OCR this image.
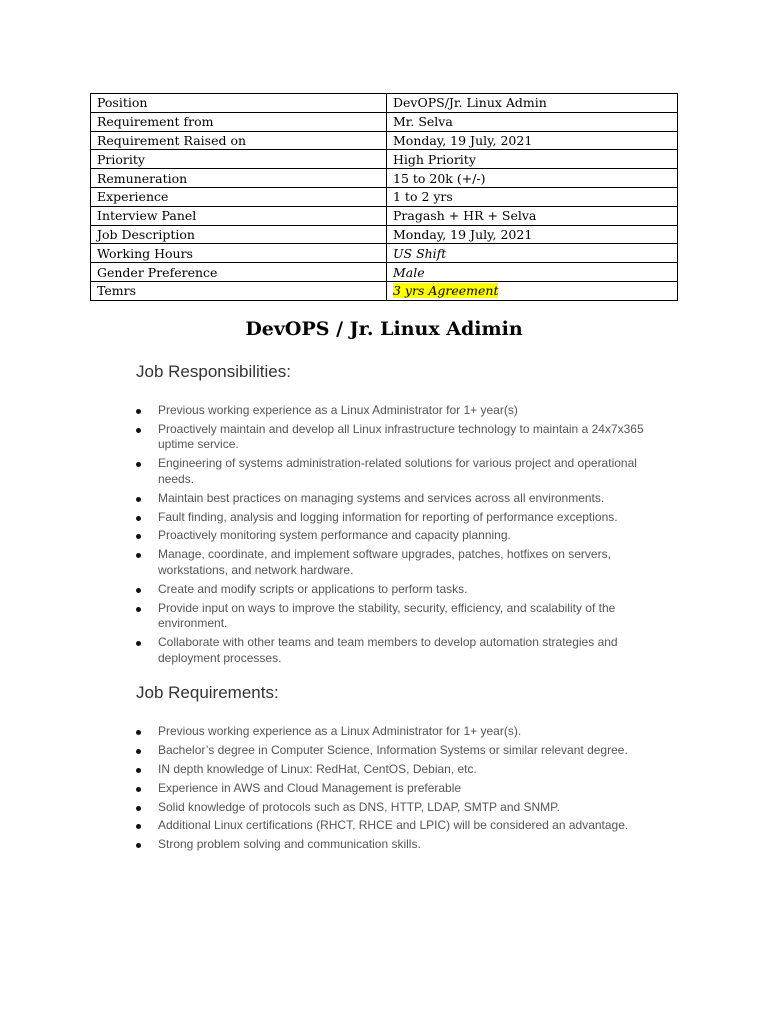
Position	DevOPS/Jr. Linux Admin
Requirement from	Mr. Selva
Requirement Raised on	Monday, 19 July, 2021
Priority	High Priority
Remuneration	15 to 20k (+/-)
Experience	1 to 2 yrs
Interview Panel	Pragash + HR + Selva
Job Description	Monday, 19 July, 2021
Working Hours	US Shift
Gender Preference	Male
Temrs	3 yrs Agreement
DevOPS / Jr. Linux Adimin
Job Responsibilities:
Previous working experience as a Linux Administrator for 1+ year(s)
Proactively maintain and develop all Linux infrastructure technology to maintain a 24x7x365 uptime service.
Engineering of systems administration-related solutions for various project and operational needs.
Maintain best practices on managing systems and services across all environments.
Fault finding, analysis and logging information for reporting of performance exceptions.
Proactively monitoring system performance and capacity planning.
Manage, coordinate, and implement software upgrades, patches, hotfixes on servers, workstations, and network hardware.
Create and modify scripts or applications to perform tasks.
Provide input on ways to improve the stability, security, efficiency, and scalability of the environment.
Collaborate with other teams and team members to develop automation strategies and deployment processes.
Job Requirements:
Previous working experience as a Linux Administrator for 1+ year(s).
Bachelor’s degree in Computer Science, Information Systems or similar relevant degree.
IN depth knowledge of Linux: RedHat, CentOS, Debian, etc.
Experience in AWS and Cloud Management is preferable
Solid knowledge of protocols such as DNS, HTTP, LDAP, SMTP and SNMP.
Additional Linux certifications (RHCT, RHCE and LPIC) will be considered an advantage.
Strong problem solving and communication skills.
